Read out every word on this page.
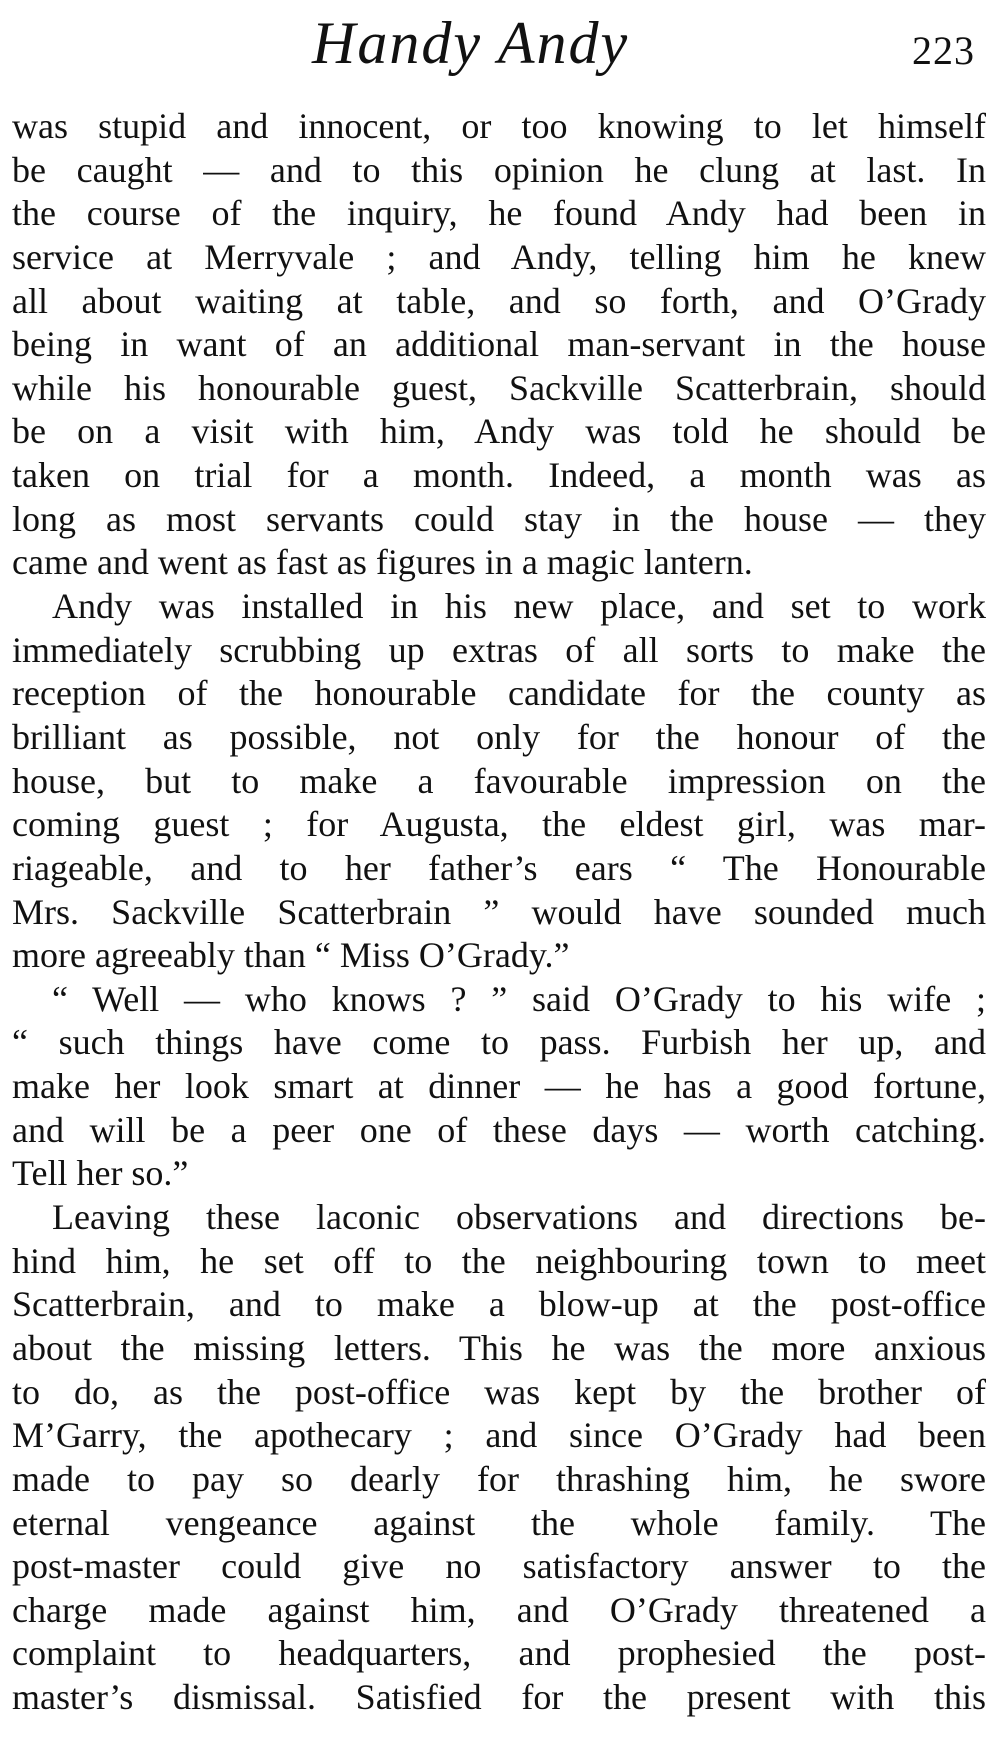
Handy Andy	223
was stupid and innocent, or too knowing to let himself
be caught — and to this opinion he clung at last. In
the course of the inquiry, he found Andy had been in
service at Merryvale ; and Andy, telling him he knew
all about waiting at table, and so forth, and O’Grady
being in want of an additional man-servant in the house
while his honourable guest, Sackville Scatterbrain, should
be on a visit with him, Andy was told he should be
taken on trial for a month. Indeed, a month was as
long as most servants could stay in the house — they
came and went as fast as figures in a magic lantern.
Andy was installed in his new place, and set to work
immediately scrubbing up extras of all sorts to make the
reception of the honourable candidate for the county as
brilliant as possible, not only for the honour of the
house, but to make a favourable impression on the
coming guest ; for Augusta, the eldest girl, was mar-
riageable, and to her father’s ears “ The Honourable
Mrs. Sackville Scatterbrain ” would have sounded much
more agreeably than “ Miss O’Grady.”
“ Well — who knows ? ” said O’Grady to his wife ;
“ such things have come to pass. Furbish her up, and
make her look smart at dinner — he has a good fortune,
and will be a peer one of these days — worth catching.
Tell her so.”
Leaving these laconic observations and directions be-
hind him, he set off to the neighbouring town to meet
Scatterbrain, and to make a blow-up at the post-office
about the missing letters. This he was the more anxious
to do, as the post-office was kept by the brother of
M’Garry, the apothecary ; and since O’Grady had been
made to pay so dearly for thrashing him, he swore
eternal vengeance against the whole family. The
post-master could give no satisfactory answer to the
charge made against him, and O’Grady threatened a
complaint to headquarters, and prophesied the post-
master’s dismissal. Satisfied for the present with this
